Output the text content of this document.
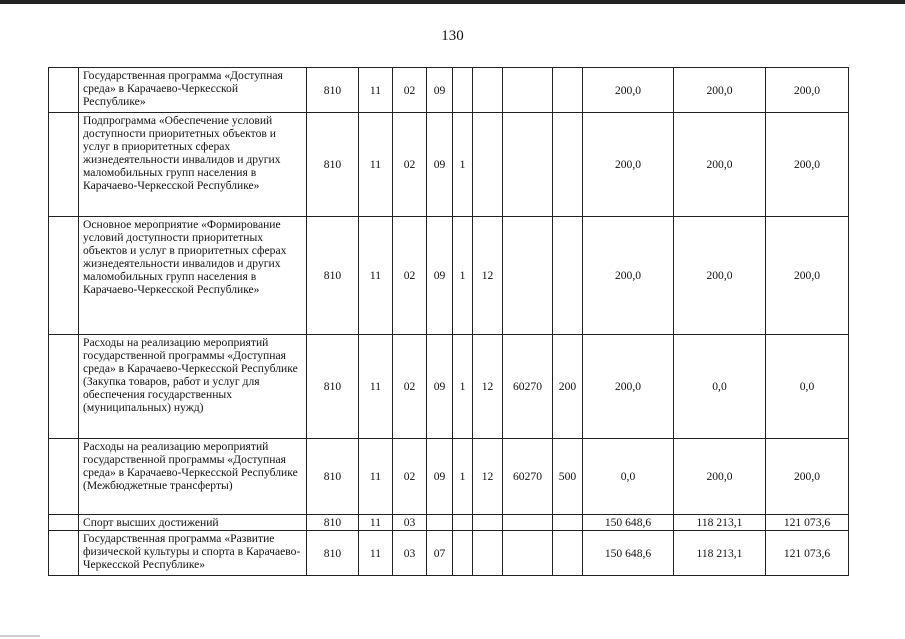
130
	Государственная программа «Доступная среда» в Карачаево-Черкесской Республике»	810	11	02	09					200,0	200,0	200,0
	Подпрограмма «Обеспечение условий доступности приоритетных объектов и услуг в приоритетных сферах жизнедеятельности инвалидов и других маломобильных групп населения в Карачаево-Черкесской Республике»	810	11	02	09	1				200,0	200,0	200,0
	Основное мероприятие «Формирование условий доступности приоритетных объектов и услуг в приоритетных сферах жизнедеятельности инвалидов и других маломобильных групп населения в Карачаево-Черкесской Республике»	810	11	02	09	1	12			200,0	200,0	200,0
	Расходы на реализацию мероприятий государственной программы «Доступная среда» в Карачаево-Черкесской Республике (Закупка товаров, работ и услуг для обеспечения государственных (муниципальных) нужд)	810	11	02	09	1	12	60270	200	200,0	0,0	0,0
	Расходы на реализацию мероприятий государственной программы «Доступная среда» в Карачаево-Черкесской Республике (Межбюджетные трансферты)	810	11	02	09	1	12	60270	500	0,0	200,0	200,0
	Спорт высших достижений	810	11	03						150 648,6	118 213,1	121 073,6
	Государственная программа «Развитие физической культуры и спорта в Карачаево-Черкесской Республике»	810	11	03	07					150 648,6	118 213,1	121 073,6
